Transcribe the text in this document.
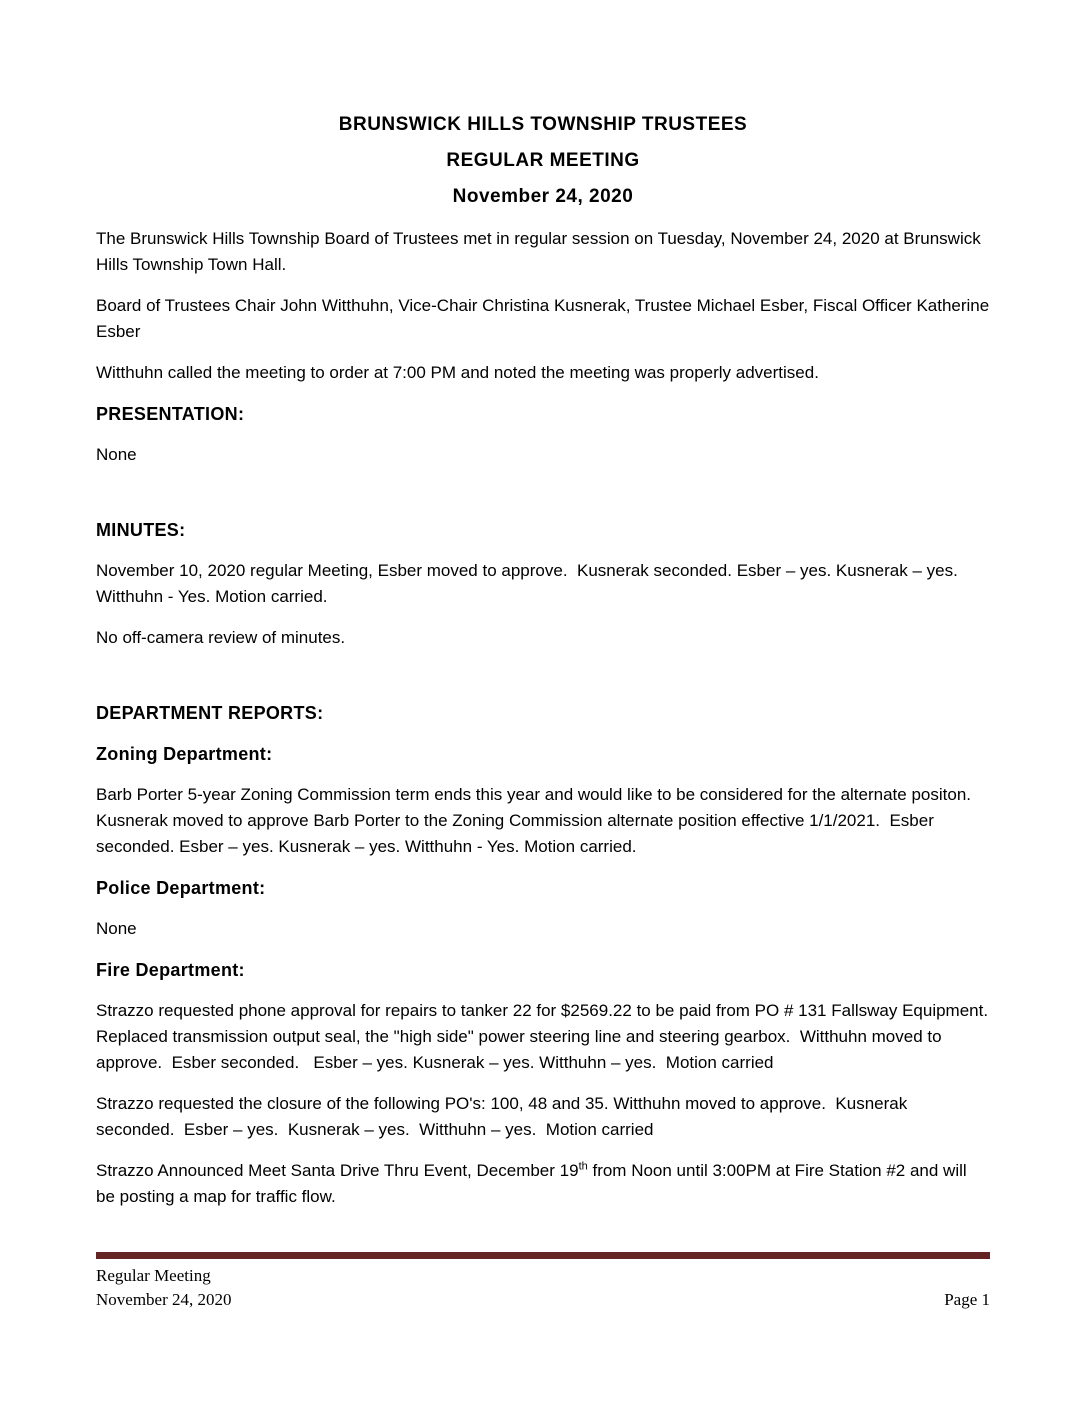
BRUNSWICK HILLS TOWNSHIP TRUSTEES
REGULAR MEETING
November 24, 2020

The Brunswick Hills Township Board of Trustees met in regular session on Tuesday, November 24, 2020 at Brunswick Hills Township Town Hall.

Board of Trustees Chair John Witthuhn, Vice-Chair Christina Kusnerak, Trustee Michael Esber, Fiscal Officer Katherine Esber

Witthuhn called the meeting to order at 7:00 PM and noted the meeting was properly advertised.

PRESENTATION:

None

MINUTES:

November 10, 2020 regular Meeting, Esber moved to approve.  Kusnerak seconded. Esber – yes. Kusnerak – yes. Witthuhn - Yes. Motion carried.

No off-camera review of minutes.

DEPARTMENT REPORTS:
Zoning Department:

Barb Porter 5-year Zoning Commission term ends this year and would like to be considered for the alternate positon. Kusnerak moved to approve Barb Porter to the Zoning Commission alternate position effective 1/1/2021.  Esber seconded. Esber – yes. Kusnerak – yes. Witthuhn - Yes. Motion carried.

Police Department:

None

Fire Department:

Strazzo requested phone approval for repairs to tanker 22 for $2569.22 to be paid from PO # 131 Fallsway Equipment.  Replaced transmission output seal, the "high side" power steering line and steering gearbox.  Witthuhn moved to approve.  Esber seconded.   Esber – yes. Kusnerak – yes. Witthuhn – yes.  Motion carried

Strazzo requested the closure of the following PO's: 100, 48 and 35. Witthuhn moved to approve.  Kusnerak seconded.  Esber – yes.  Kusnerak – yes.  Witthuhn – yes.  Motion carried

Strazzo Announced Meet Santa Drive Thru Event, December 19th from Noon until 3:00PM at Fire Station #2 and will be posting a map for traffic flow.

Regular Meeting
November 24, 2020	Page 1
